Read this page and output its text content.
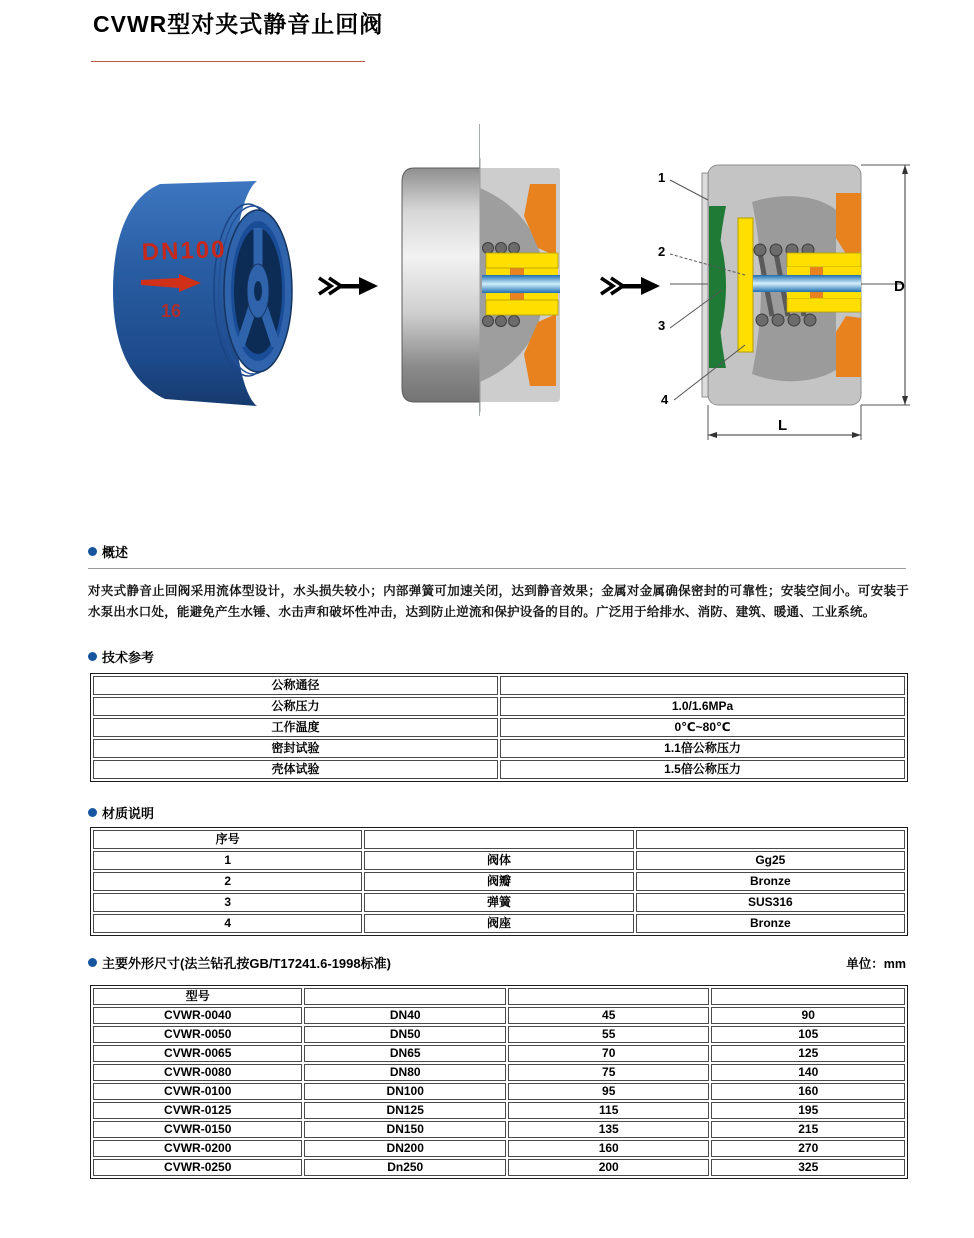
CVWR型对夹式静音止回阀
DN100
16
1
2
3
4
D
L
概述
对夹式静音止回阀采用流体型设计，水头损失较小；内部弹簧可加速关闭，达到静音效果；金属对金属确保密封的可靠性；安装空间小。可安装于水泵出水口处，能避免产生水锤、水击声和破坏性冲击，达到防止逆流和保护设备的目的。广泛用于给排水、消防、建筑、暖通、工业系统。
技术参考
公称通径	DN40~250mm
公称压力	1.0/1.6MPa
工作温度	0℃~80℃
密封试验	1.1倍公称压力
壳体试验	1.5倍公称压力
材质说明
序号	零件名称	材质
1	阀体	Gg25
2	阀瓣	Bronze
3	弹簧	SUS316
4	阀座	Bronze
主要外形尺寸(法兰钻孔按GB/T17241.6-1998标准)	单位：mm
型号	公称通径	L	D
CVWR-0040	DN40	45	90
CVWR-0050	DN50	55	105
CVWR-0065	DN65	70	125
CVWR-0080	DN80	75	140
CVWR-0100	DN100	95	160
CVWR-0125	DN125	115	195
CVWR-0150	DN150	135	215
CVWR-0200	DN200	160	270
CVWR-0250	Dn250	200	325
